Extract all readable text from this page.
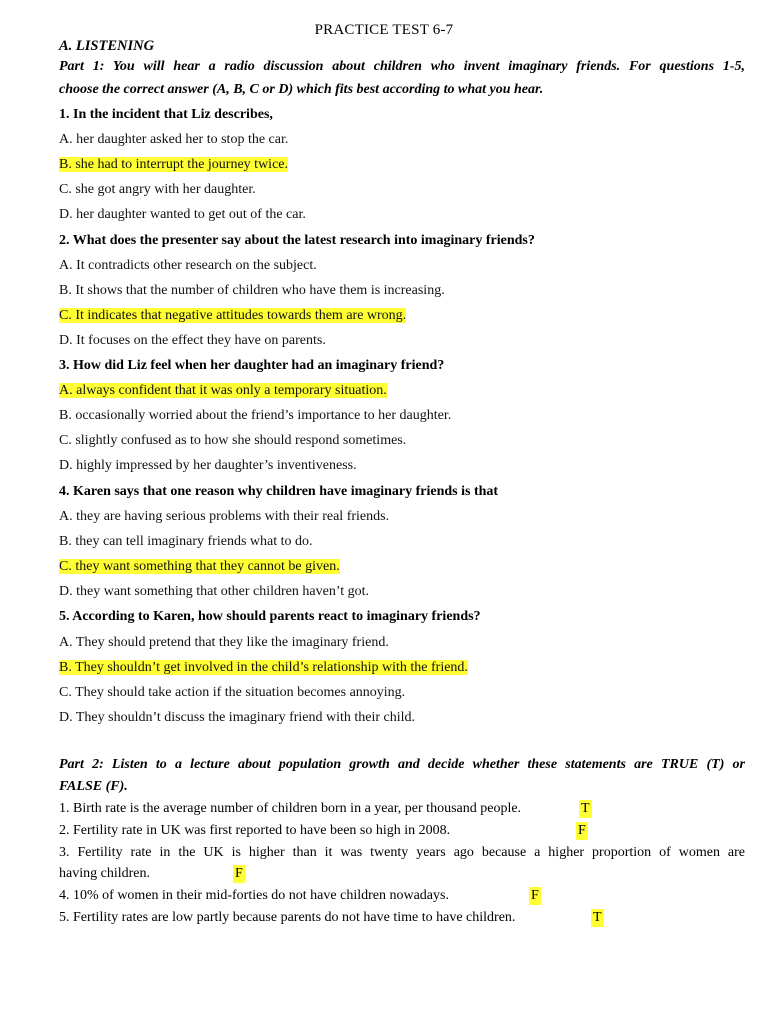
PRACTICE TEST 6-7
A. LISTENING
Part 1: You will hear a radio discussion about children who invent imaginary friends. For questions 1-5,
choose the correct answer (A, B, C or D) which fits best according to what you hear.
1. In the incident that Liz describes,
A. her daughter asked her to stop the car.
B. she had to interrupt the journey twice.
C. she got angry with her daughter.
D. her daughter wanted to get out of the car.
2. What does the presenter say about the latest research into imaginary friends?
A. It contradicts other research on the subject.
B. It shows that the number of children who have them is increasing.
C. It indicates that negative attitudes towards them are wrong.
D. It focuses on the effect they have on parents.
3. How did Liz feel when her daughter had an imaginary friend?
A. always confident that it was only a temporary situation.
B. occasionally worried about the friend’s importance to her daughter.
C. slightly confused as to how she should respond sometimes.
D. highly impressed by her daughter’s inventiveness.
4. Karen says that one reason why children have imaginary friends is that
A. they are having serious problems with their real friends.
B. they can tell imaginary friends what to do.
C. they want something that they cannot be given.
D. they want something that other children haven’t got.
5. According to Karen, how should parents react to imaginary friends?
A. They should pretend that they like the imaginary friend.
B. They shouldn’t get involved in the child’s relationship with the friend.
C. They should take action if the situation becomes annoying.
D. They shouldn’t discuss the imaginary friend with their child.
Part 2: Listen to a lecture about population growth and decide whether these statements are TRUE (T) or
FALSE (F).
1. Birth rate is the average number of children born in a year, per thousand people.	T
2. Fertility rate in UK was first reported to have been so high in 2008.	F
3. Fertility rate in the UK is higher than it was twenty years ago because a higher proportion of women are
having children.	F
4. 10% of women in their mid-forties do not have children nowadays.	F
5. Fertility rates are low partly because parents do not have time to have children.	T
